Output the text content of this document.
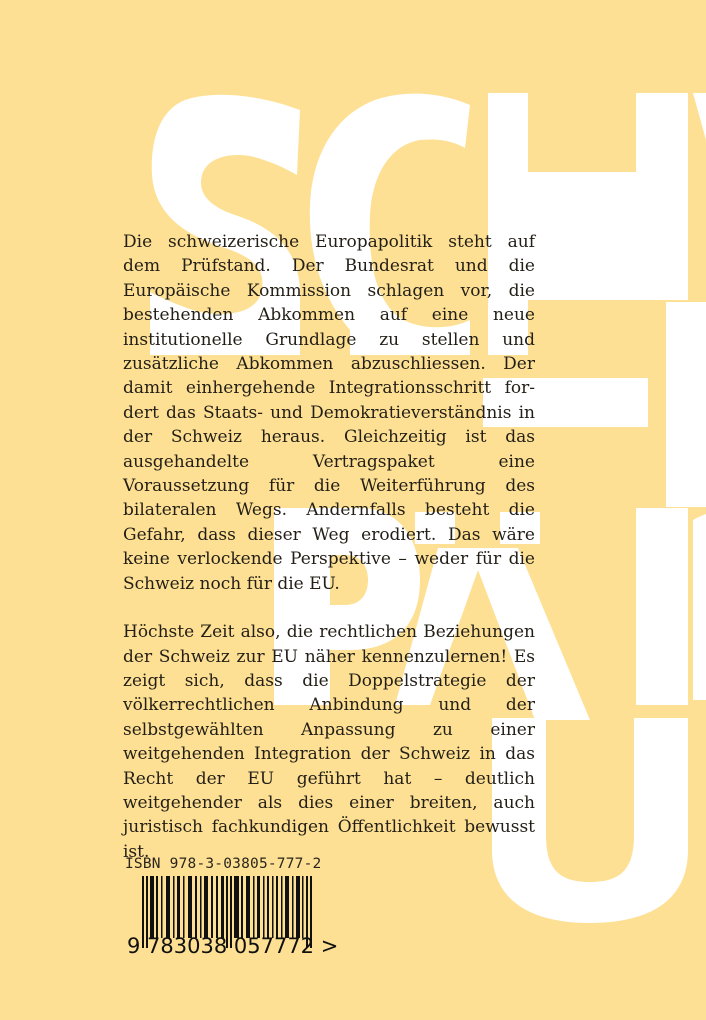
Die schweizerische Europapolitik steht auf dem Prüfstand. Der Bundesrat und die Europäische Kommission schlagen vor, die bestehenden Abkommen auf eine neue institutionelle Grundlage zu stellen und zusätzliche Abkommen abzuschliessen. Der damit einhergehende Integrationsschritt fordert das Staats- und Demokratieverständnis in der Schweiz heraus. Gleichzeitig ist das ausgehandelte Vertragspaket eine Voraussetzung für die Weiterführung des bilateralen Wegs. Andernfalls besteht die Gefahr, dass dieser Weg erodiert. Das wäre keine verlockende Perspektive – weder für die Schweiz noch für die EU.

Höchste Zeit also, die rechtlichen Beziehungen der Schweiz zur EU näher kennenzulernen! Es zeigt sich, dass die Doppelstrategie der völkerrechtlichen Anbindung und der selbstgewählten Anpassung zu einer weitgehenden Integration der Schweiz in das Recht der EU geführt hat – deutlich weitgehender als dies einer breiten, auch juristisch fachkundigen Öffentlichkeit bewusst ist.

ISBN 978-3-03805-777-2
9 783038 057772 >
